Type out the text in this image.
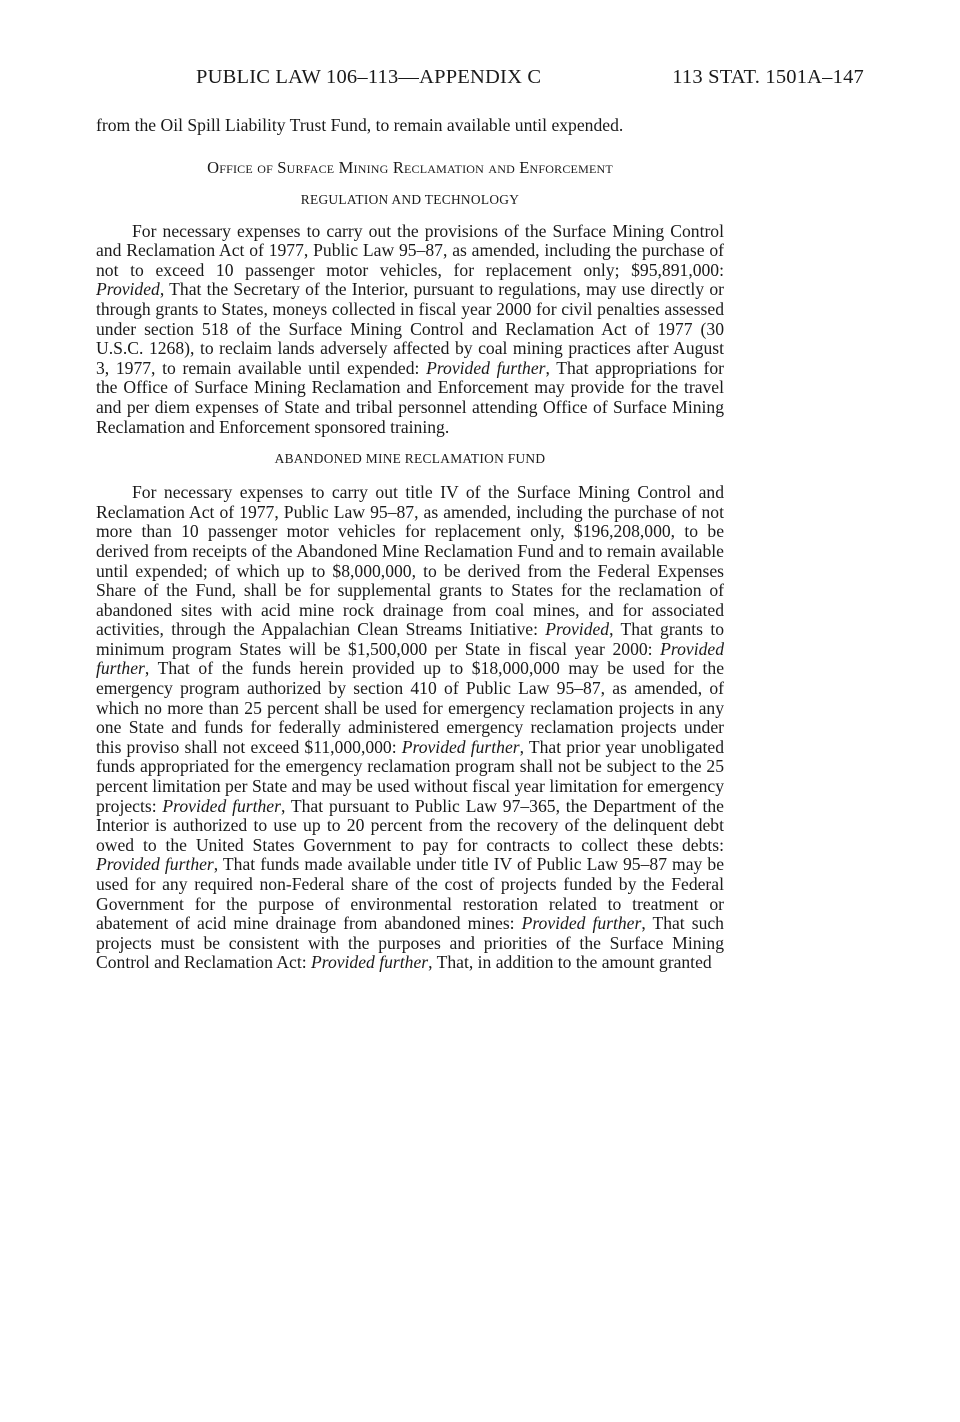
PUBLIC LAW 106–113—APPENDIX C	113 STAT. 1501A–147

from the Oil Spill Liability Trust Fund, to remain available until expended.

Office of Surface Mining Reclamation and Enforcement
REGULATION AND TECHNOLOGY

For necessary expenses to carry out the provisions of the Surface Mining Control and Reclamation Act of 1977, Public Law 95–87, as amended, including the purchase of not to exceed 10 passenger motor vehicles, for replacement only; $95,891,000: Provided, That the Secretary of the Interior, pursuant to regulations, may use directly or through grants to States, moneys collected in fiscal year 2000 for civil penalties assessed under section 518 of the Surface Mining Control and Reclamation Act of 1977 (30 U.S.C. 1268), to reclaim lands adversely affected by coal mining practices after August 3, 1977, to remain available until expended: Provided further, That appropriations for the Office of Surface Mining Reclamation and Enforcement may provide for the travel and per diem expenses of State and tribal personnel attending Office of Surface Mining Reclamation and Enforcement sponsored training.

ABANDONED MINE RECLAMATION FUND

For necessary expenses to carry out title IV of the Surface Mining Control and Reclamation Act of 1977, Public Law 95–87, as amended, including the purchase of not more than 10 passenger motor vehicles for replacement only, $196,208,000, to be derived from receipts of the Abandoned Mine Reclamation Fund and to remain available until expended; of which up to $8,000,000, to be derived from the Federal Expenses Share of the Fund, shall be for supplemental grants to States for the reclamation of abandoned sites with acid mine rock drainage from coal mines, and for associated activities, through the Appalachian Clean Streams Initiative: Provided, That grants to minimum program States will be $1,500,000 per State in fiscal year 2000: Provided further, That of the funds herein provided up to $18,000,000 may be used for the emergency program authorized by section 410 of Public Law 95–87, as amended, of which no more than 25 percent shall be used for emergency reclamation projects in any one State and funds for federally administered emergency reclamation projects under this proviso shall not exceed $11,000,000: Provided further, That prior year unobligated funds appropriated for the emergency reclamation program shall not be subject to the 25 percent limitation per State and may be used without fiscal year limitation for emergency projects: Provided further, That pursuant to Public Law 97–365, the Department of the Interior is authorized to use up to 20 percent from the recovery of the delinquent debt owed to the United States Government to pay for contracts to collect these debts: Provided further, That funds made available under title IV of Public Law 95–87 may be used for any required non-Federal share of the cost of projects funded by the Federal Government for the purpose of environmental restoration related to treatment or abatement of acid mine drainage from abandoned mines: Provided further, That such projects must be consistent with the purposes and priorities of the Surface Mining Control and Reclamation Act: Provided further, That, in addition to the amount granted
